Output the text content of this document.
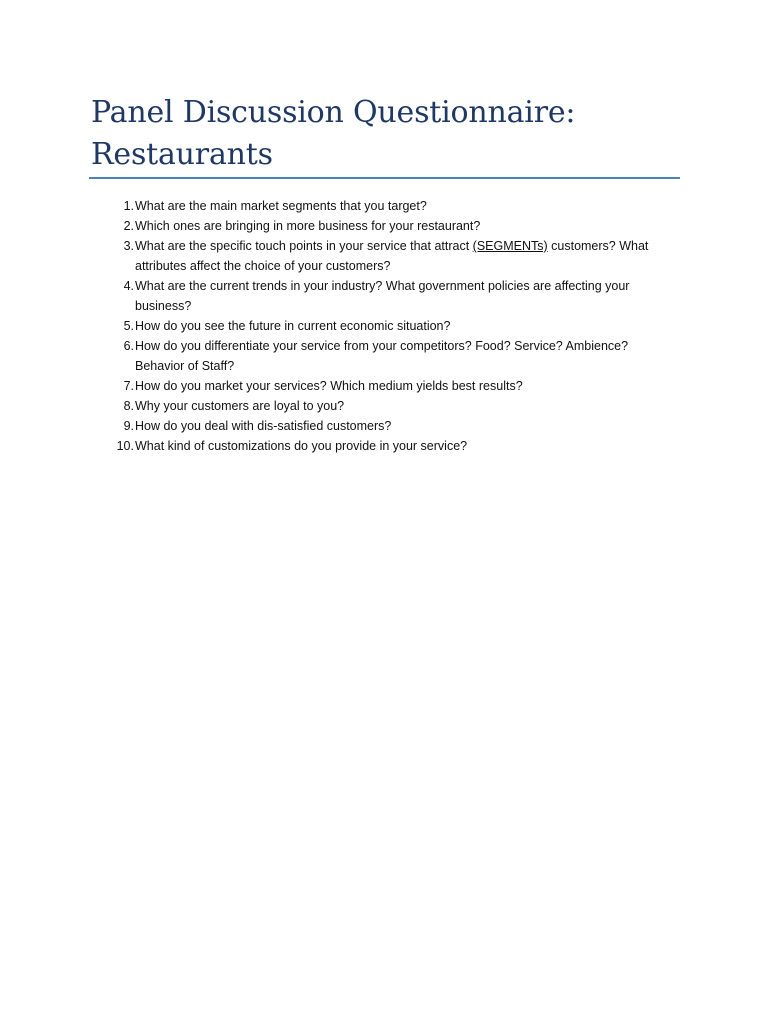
Panel Discussion Questionnaire:
Restaurants
1. What are the main market segments that you target?
2. Which ones are bringing in more business for your restaurant?
3. What are the specific touch points in your service that attract (SEGMENTs) customers? What
attributes affect the choice of your customers?
4. What are the current trends in your industry? What government policies are affecting your
business?
5. How do you see the future in current economic situation?
6. How do you differentiate your service from your competitors? Food? Service? Ambience?
Behavior of Staff?
7. How do you market your services? Which medium yields best results?
8. Why your customers are loyal to you?
9. How do you deal with dis-satisfied customers?
10. What kind of customizations do you provide in your service?
